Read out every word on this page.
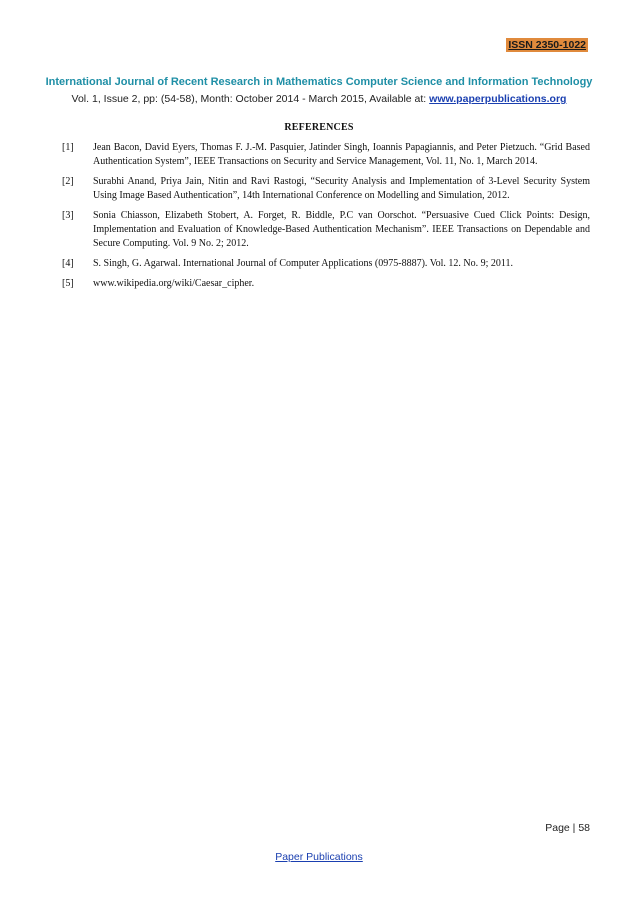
ISSN 2350-1022
International Journal of Recent Research in Mathematics Computer Science and Information Technology
Vol. 1, Issue 2, pp: (54-58), Month: October 2014 - March 2015, Available at: www.paperpublications.org
REFERENCES
[1]	Jean Bacon, David Eyers, Thomas F. J.-M. Pasquier, Jatinder Singh, Ioannis Papagiannis, and Peter Pietzuch. “Grid Based Authentication System”, IEEE Transactions on Security and Service Management, Vol. 11, No. 1, March 2014.
[2]	Surabhi Anand, Priya Jain, Nitin and Ravi Rastogi, “Security Analysis and Implementation of 3-Level Security System Using Image Based Authentication”, 14th International Conference on Modelling and Simulation, 2012.
[3]	Sonia Chiasson, Elizabeth Stobert, A. Forget, R. Biddle, P.C van Oorschot. “Persuasive Cued Click Points: Design, Implementation and Evaluation of Knowledge-Based Authentication Mechanism”. IEEE Transactions on Dependable and Secure Computing. Vol. 9 No. 2; 2012.
[4]	S. Singh, G. Agarwal. International Journal of Computer Applications (0975-8887). Vol. 12. No. 9; 2011.
[5]	www.wikipedia.org/wiki/Caesar_cipher.
Page | 58
Paper Publications
